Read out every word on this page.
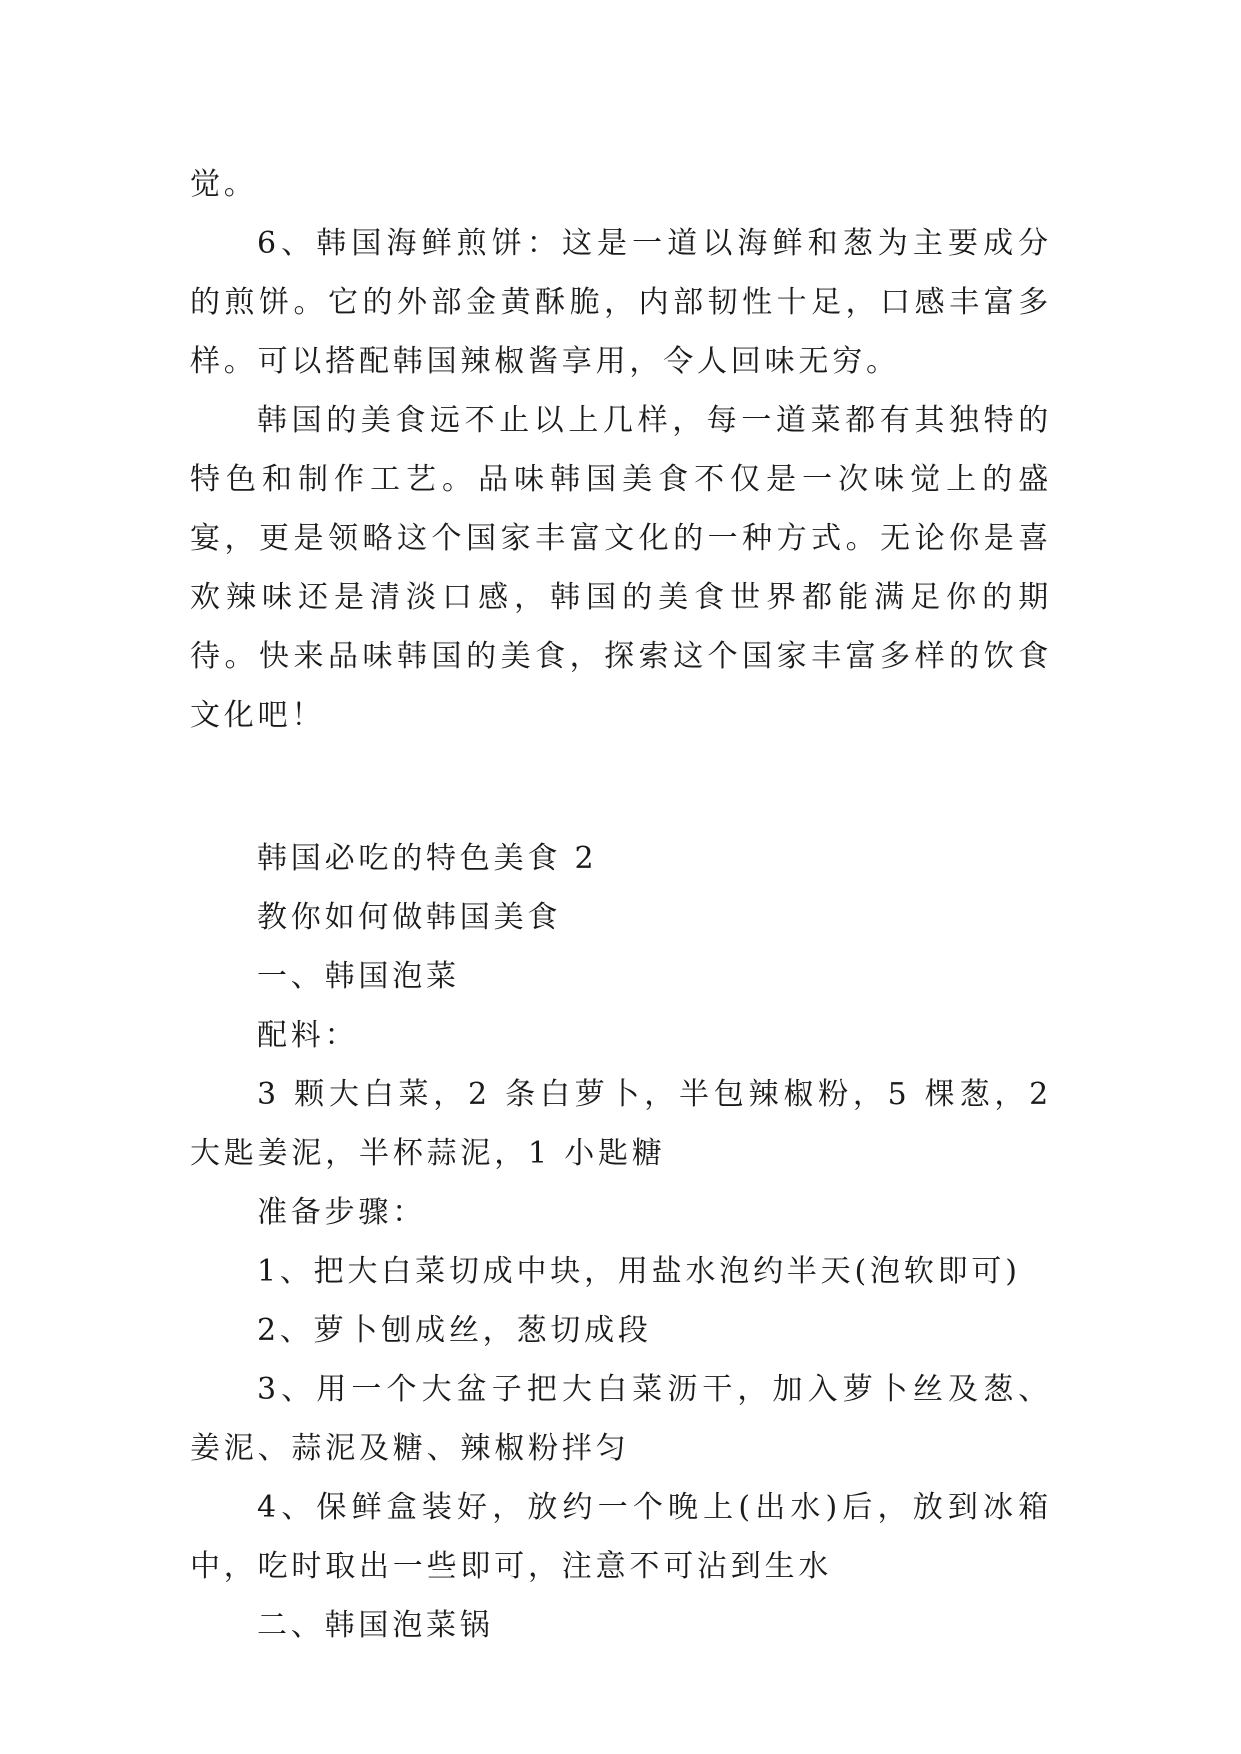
觉。

6、韩国海鲜煎饼：这是一道以海鲜和葱为主要成分的煎饼。它的外部金黄酥脆，内部韧性十足，口感丰富多样。可以搭配韩国辣椒酱享用，令人回味无穷。

韩国的美食远不止以上几样，每一道菜都有其独特的特色和制作工艺。品味韩国美食不仅是一次味觉上的盛宴，更是领略这个国家丰富文化的一种方式。无论你是喜欢辣味还是清淡口感，韩国的美食世界都能满足你的期待。快来品味韩国的美食，探索这个国家丰富多样的饮食文化吧！

韩国必吃的特色美食 2

教你如何做韩国美食

一、韩国泡菜

配料：

3 颗大白菜，2 条白萝卜，半包辣椒粉，5 棵葱，2 大匙姜泥，半杯蒜泥，1 小匙糖

准备步骤：

1、把大白菜切成中块，用盐水泡约半天(泡软即可)

2、萝卜刨成丝，葱切成段

3、用一个大盆子把大白菜沥干，加入萝卜丝及葱、姜泥、蒜泥及糖、辣椒粉拌匀

4、保鲜盒装好，放约一个晚上(出水)后，放到冰箱中，吃时取出一些即可，注意不可沾到生水

二、韩国泡菜锅
